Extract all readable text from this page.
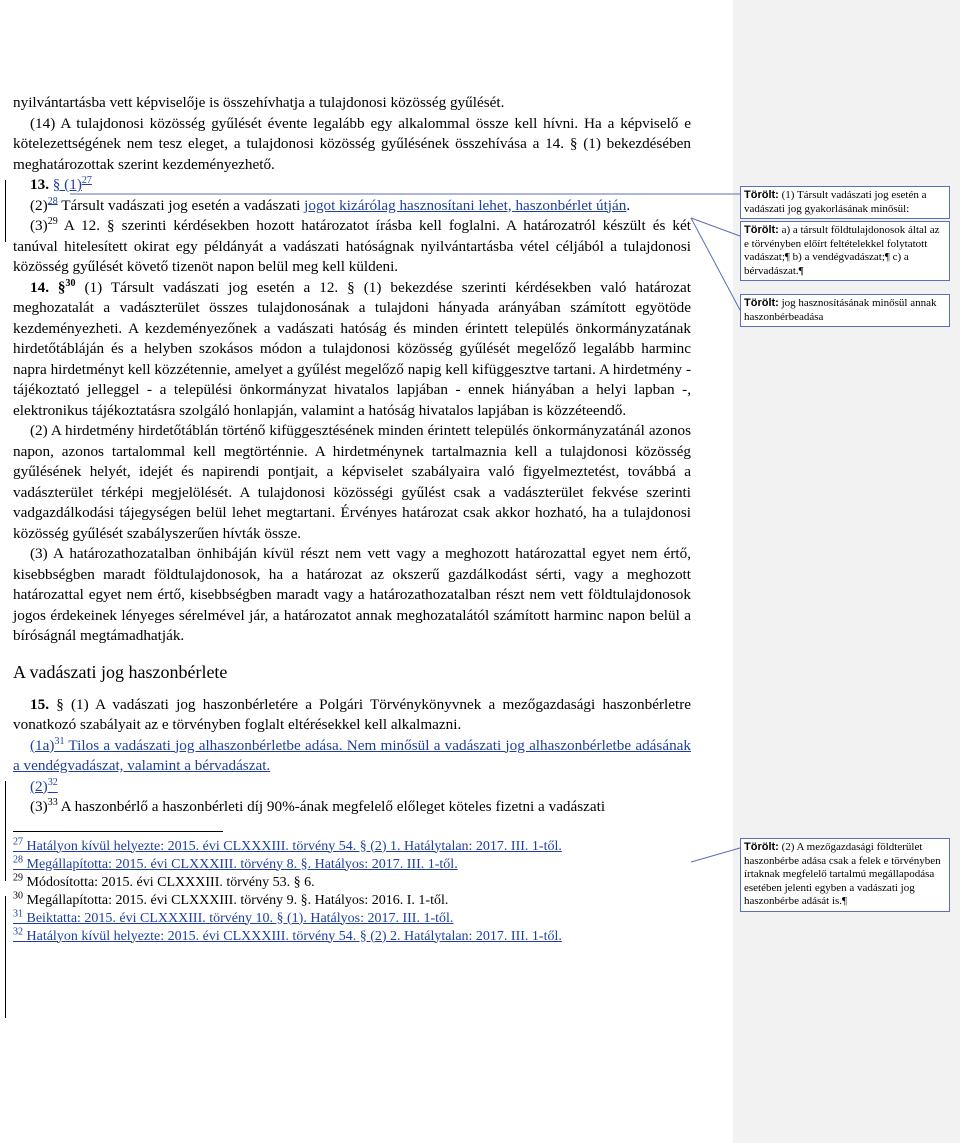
nyilvántartásba vett képviselője is összehívhatja a tulajdonosi közösség gyűlését.

(14) A tulajdonosi közösség gyűlését évente legalább egy alkalommal össze kell hívni. Ha a képviselő e kötelezettségének nem tesz eleget, a tulajdonosi közösség gyűlésének összehívása a 14. § (1) bekezdésében meghatározottak szerint kezdeményezhető.

13. § $(1)^{27}$

$(2)^{28}$ Társult vadászati jog esetén a vadászati jogot kizárólag hasznosítani lehet, haszonbérlet útján.

$(3)^{29}$ A 12. § szerinti kérdésekben hozott határozatot írásba kell foglalni. A határozatról készült és két tanúval hitelesített okirat egy példányát a vadászati hatóságnak nyilvántartásba vétel céljából a tulajdonosi közösség gyűlését követő tizenöt napon belül meg kell küldeni.

14. §$^{30}$ (1) Társult vadászati jog esetén a 12. § (1) bekezdése szerinti kérdésekben való határozat meghozatalát a vadászterület összes tulajdonosának a tulajdoni hányada arányában számított egyötöde kezdeményezheti. A kezdeményezőnek a vadászati hatóság és minden érintett település önkormányzatának hirdetőtábláján és a helyben szokásos módon a tulajdonosi közösség gyűlését megelőző legalább harminc napra hirdetményt kell közzétennie, amelyet a gyűlést megelőző napig kell kifüggesztve tartani. A hirdetmény - tájékoztató jelleggel - a települési önkormányzat hivatalos lapjában - ennek hiányában a helyi lapban -, elektronikus tájékoztatásra szolgáló honlapján, valamint a hatóság hivatalos lapjában is közzéteendő.

(2) A hirdetmény hirdetőtáblán történő kifüggesztésének minden érintett település önkormányzatánál azonos napon, azonos tartalommal kell megtörténnie. A hirdetménynek tartalmaznia kell a tulajdonosi közösség gyűlésének helyét, idejét és napirendi pontjait, a képviselet szabályaira való figyelmeztetést, továbbá a vadászterület térképi megjelölését. A tulajdonosi közösségi gyűlést csak a vadászterület fekvése szerinti vadgazdálkodási tájegységen belül lehet megtartani. Érvényes határozat csak akkor hozható, ha a tulajdonosi közösség gyűlését szabályszerűen hívták össze.

(3) A határozathozatalban önhibáján kívül részt nem vett vagy a meghozott határozattal egyet nem értő, kisebbségben maradt földtulajdonosok, ha a határozat az okszerű gazdálkodást sérti, vagy a meghozott határozattal egyet nem értő, kisebbségben maradt vagy a határozathozatalban részt nem vett földtulajdonosok jogos érdekeinek lényeges sérelmével jár, a határozatot annak meghozatalától számított harminc napon belül a bíróságnál megtámadhatják.

A vadászati jog haszonbérlete

15. § (1) A vadászati jog haszonbérletére a Polgári Törvénykönyvnek a mezőgazdasági haszonbérletre vonatkozó szabályait az e törvényben foglalt eltérésekkel kell alkalmazni.

$(1a)^{31}$ Tilos a vadászati jog alhaszonbérletbe adása. Nem minősül a vadászati jog alhaszonbérletbe adásának a vendégvadászat, valamint a bérvadászat.

$(2)^{32}$

$(3)^{33}$ A haszonbérlő a haszonbérleti díj 90%-ának megfelelő előleget köteles fizetni a vadászati

$^{27}$ Hatályon kívül helyezte: 2015. évi CLXXXIII. törvény 54. § (2) 1. Hatálytalan: 2017. III. 1-től.

$^{28}$ Megállapította: 2015. évi CLXXXIII. törvény 8. §. Hatályos: 2017. III. 1-től.

$^{29}$ Módosította: 2015. évi CLXXXIII. törvény 53. § 6.

$^{30}$ Megállapította: 2015. évi CLXXXIII. törvény 9. §. Hatályos: 2016. I. 1-től.

$^{31}$ Beiktatta: 2015. évi CLXXXIII. törvény 10. § (1). Hatályos: 2017. III. 1-től.

$^{32}$ Hatályon kívül helyezte: 2015. évi CLXXXIII. törvény 54. § (2) 2. Hatálytalan: 2017. III. 1-től.

Törölt: (1) Társult vadászati jog esetén a vadászati jog gyakorlásának minősül:
Törölt: a) a társult földtulajdonosok által az e törvényben előírt feltételekkel folytatott vadászat;¶ b) a vendégvadászat;¶ c) a bérvadászat.¶
Törölt: jog hasznosításának minősül annak haszonbérbeadása
Törölt: (2) A mezőgazdasági földterület haszonbérbe adása csak a felek e törvényben írtaknak megfelelő tartalmú megállapodása esetében jelenti egyben a vadászati jog haszonbérbe adását is.¶
